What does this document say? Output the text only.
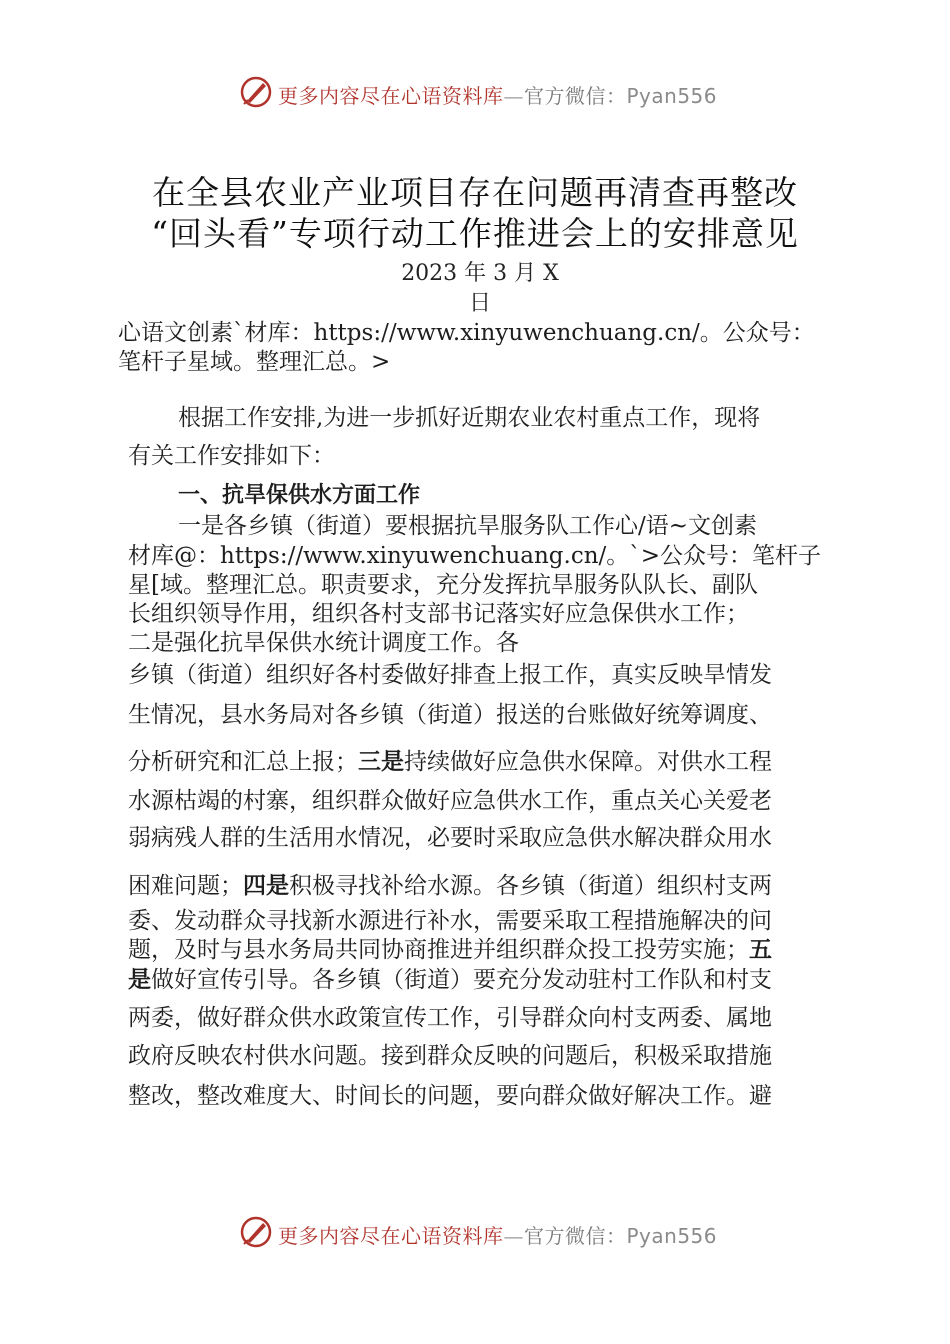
更多内容尽在心语资料库—官方微信：Pyan556
在全县农业产业项目存在问题再清查再整改
“回头看”专项行动工作推进会上的安排意见
2023 年 3 月 X
日
心语文创素`材库：https://www.xinyuwenchuang.cn/。公众号：
笔杆子星域。整理汇总。>
根据工作安排,为进一步抓好近期农业农村重点工作，现将
有关工作安排如下：
一、抗旱保供水方面工作
一是各乡镇（街道）要根据抗旱服务队工作心/语~文创素
材库@：https://www.xinyuwenchuang.cn/。`>公众号：笔杆子
星[域。整理汇总。职责要求，充分发挥抗旱服务队队长、副队
长组织领导作用，组织各村支部书记落实好应急保供水工作；
二是强化抗旱保供水统计调度工作。各
乡镇（街道）组织好各村委做好排查上报工作，真实反映旱情发
生情况，县水务局对各乡镇（街道）报送的台账做好统筹调度、
分析研究和汇总上报；三是持续做好应急供水保障。对供水工程
水源枯竭的村寨，组织群众做好应急供水工作，重点关心关爱老
弱病残人群的生活用水情况，必要时采取应急供水解决群众用水
困难问题；四是积极寻找补给水源。各乡镇（街道）组织村支两
委、发动群众寻找新水源进行补水，需要采取工程措施解决的问
题，及时与县水务局共同协商推进并组织群众投工投劳实施；五
是做好宣传引导。各乡镇（街道）要充分发动驻村工作队和村支
两委，做好群众供水政策宣传工作，引导群众向村支两委、属地
政府反映农村供水问题。接到群众反映的问题后，积极采取措施
整改，整改难度大、时间长的问题，要向群众做好解决工作。避
更多内容尽在心语资料库—官方微信：Pyan556
